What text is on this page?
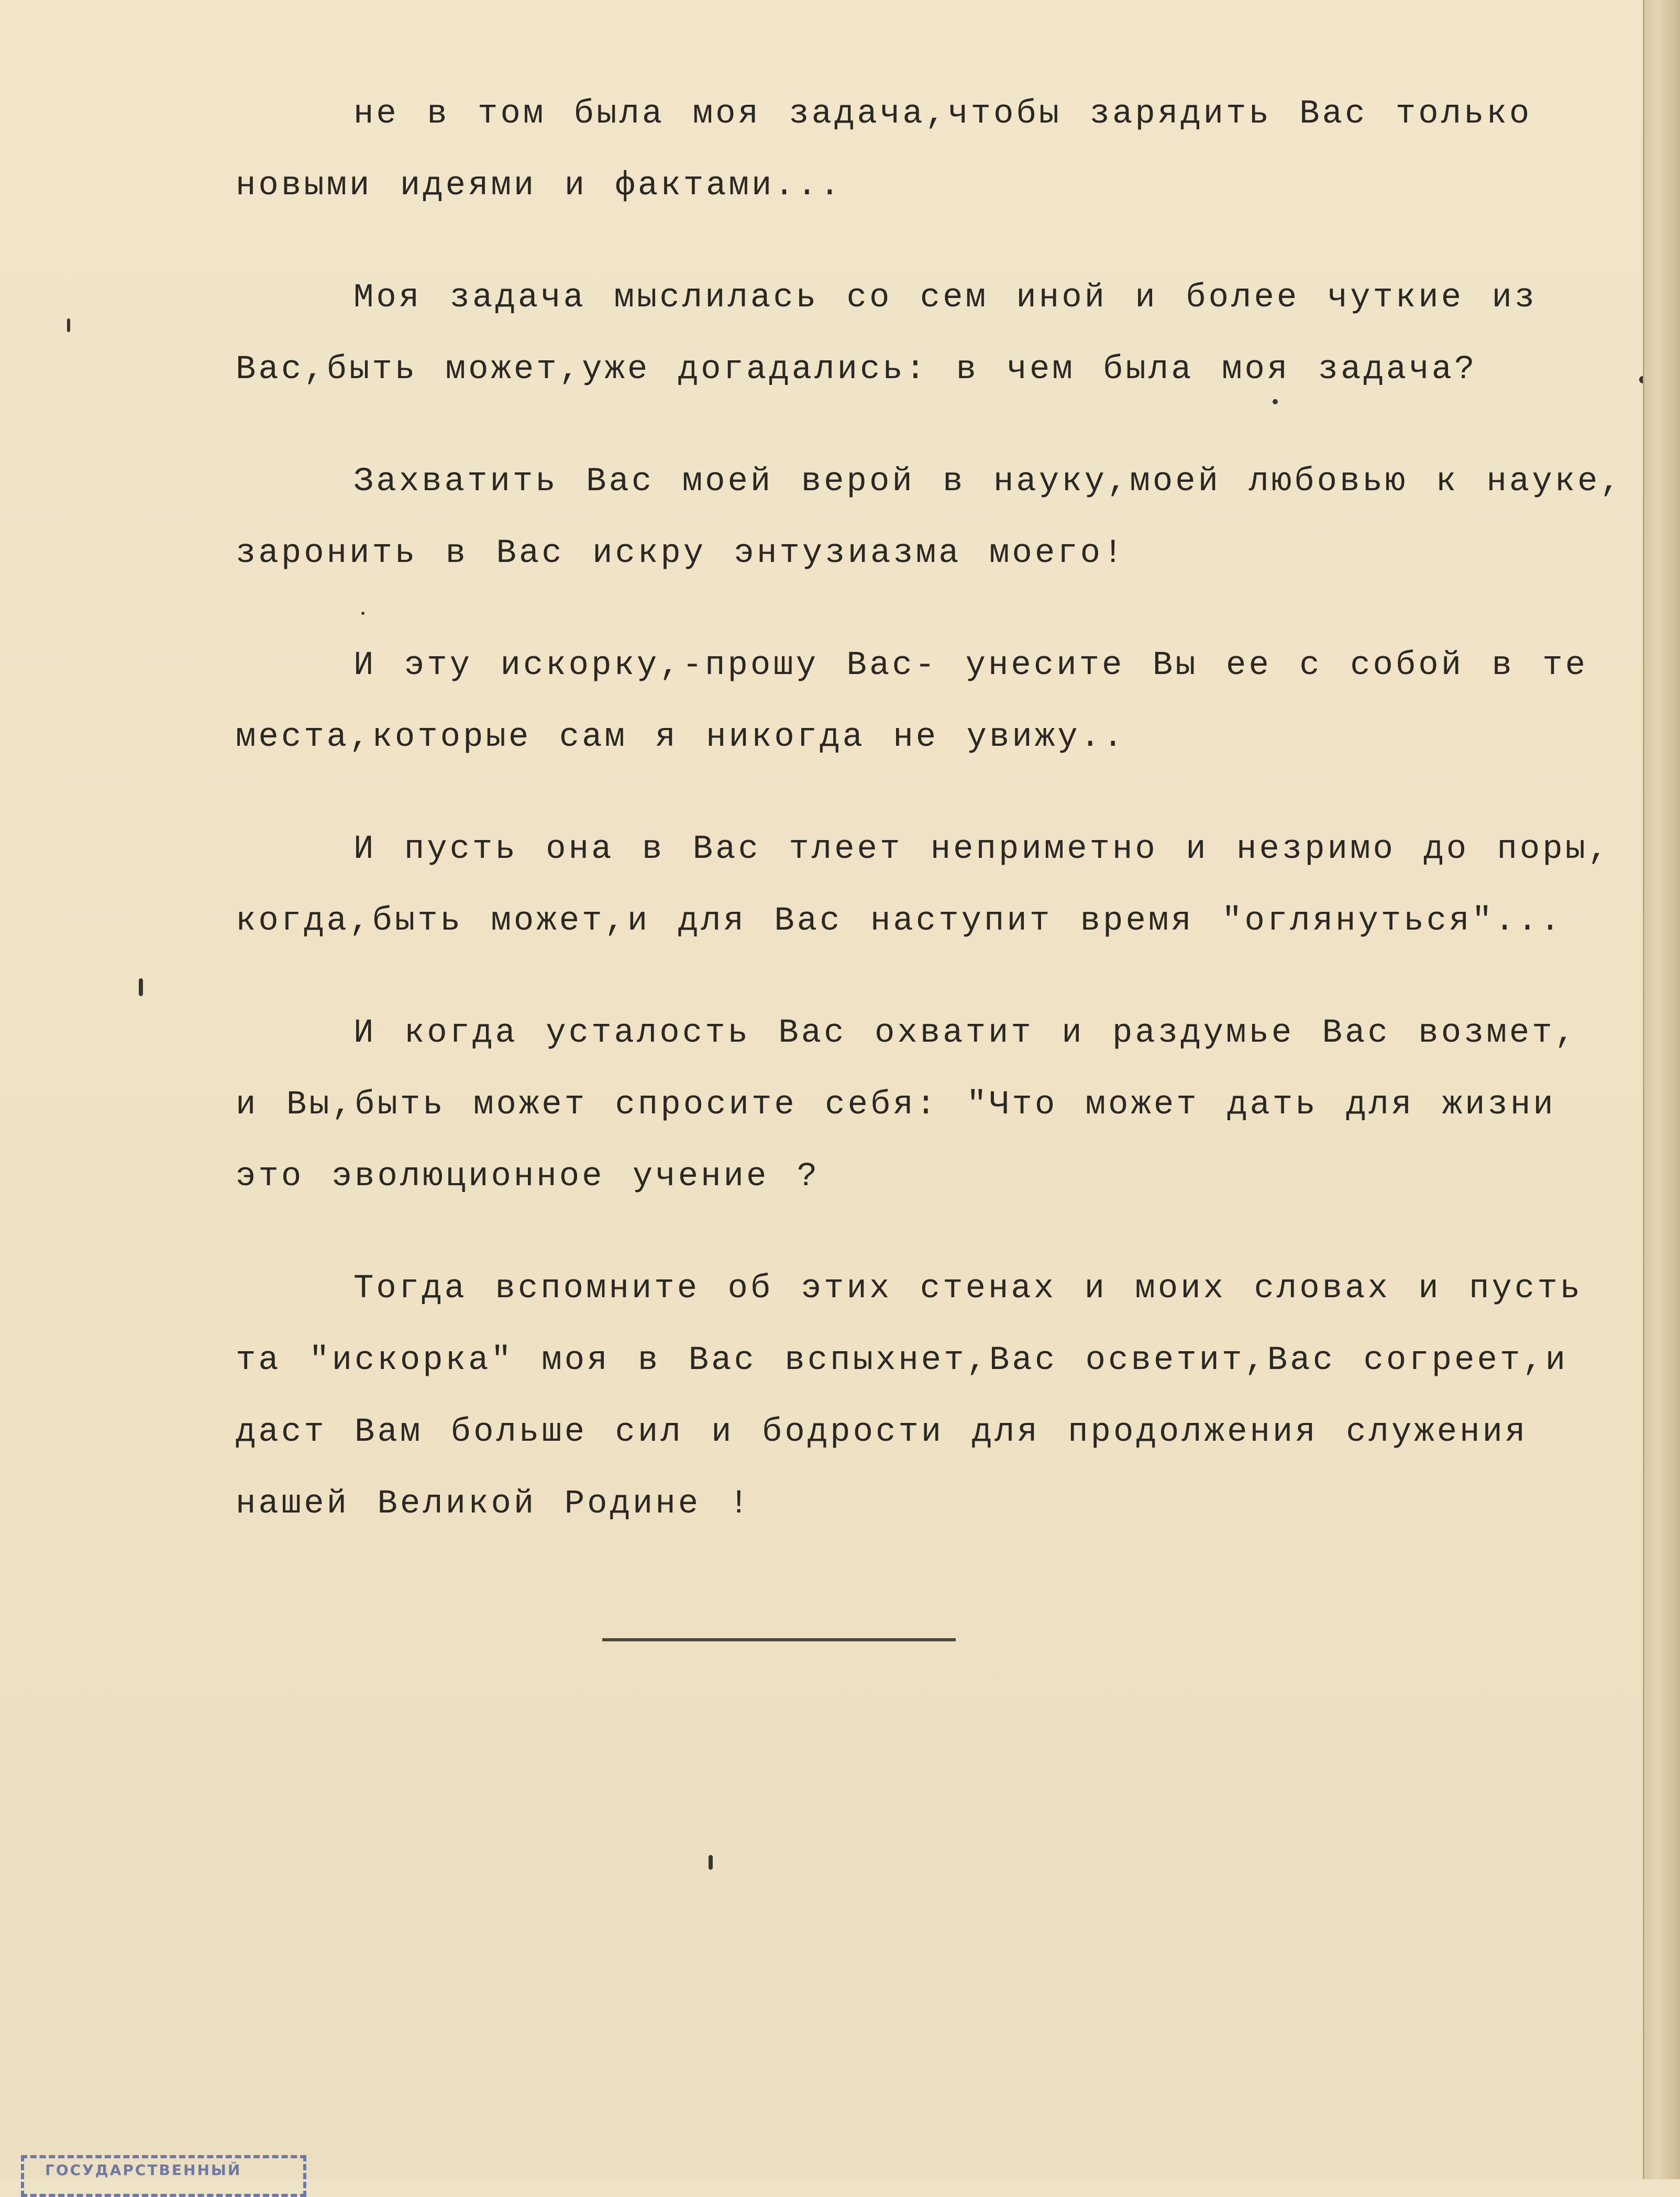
не в том была моя задача,чтобы зарядить Вас только
новыми идеями и фактами...
Моя задача мыслилась со сем иной и более чуткие из
Вас,быть может,уже догадались: в чем была моя задача?
Захватить Вас моей верой в науку,моей любовью к науке,
заронить в Вас искру энтузиазма моего!
И эту искорку,-прошу Вас- унесите Вы ее с собой в те
места,которые сам я никогда не увижу..
И пусть она в Вас тлеет неприметно и незримо до поры,
когда,быть может,и для Вас наступит время "оглянуться"...
И когда усталость Вас охватит и раздумье Вас возмет,
и Вы,быть может спросите себя: "Что может дать для жизни
это эволюционное учение ?
Тогда вспомните об этих стенах и моих словах и пусть
та "искорка" моя в Вас вспыхнет,Вас осветит,Вас согреет,и
даст Вам больше сил и бодрости для продолжения служения
нашей Великой Родине !
ГОСУДАРСТВЕННЫЙ
